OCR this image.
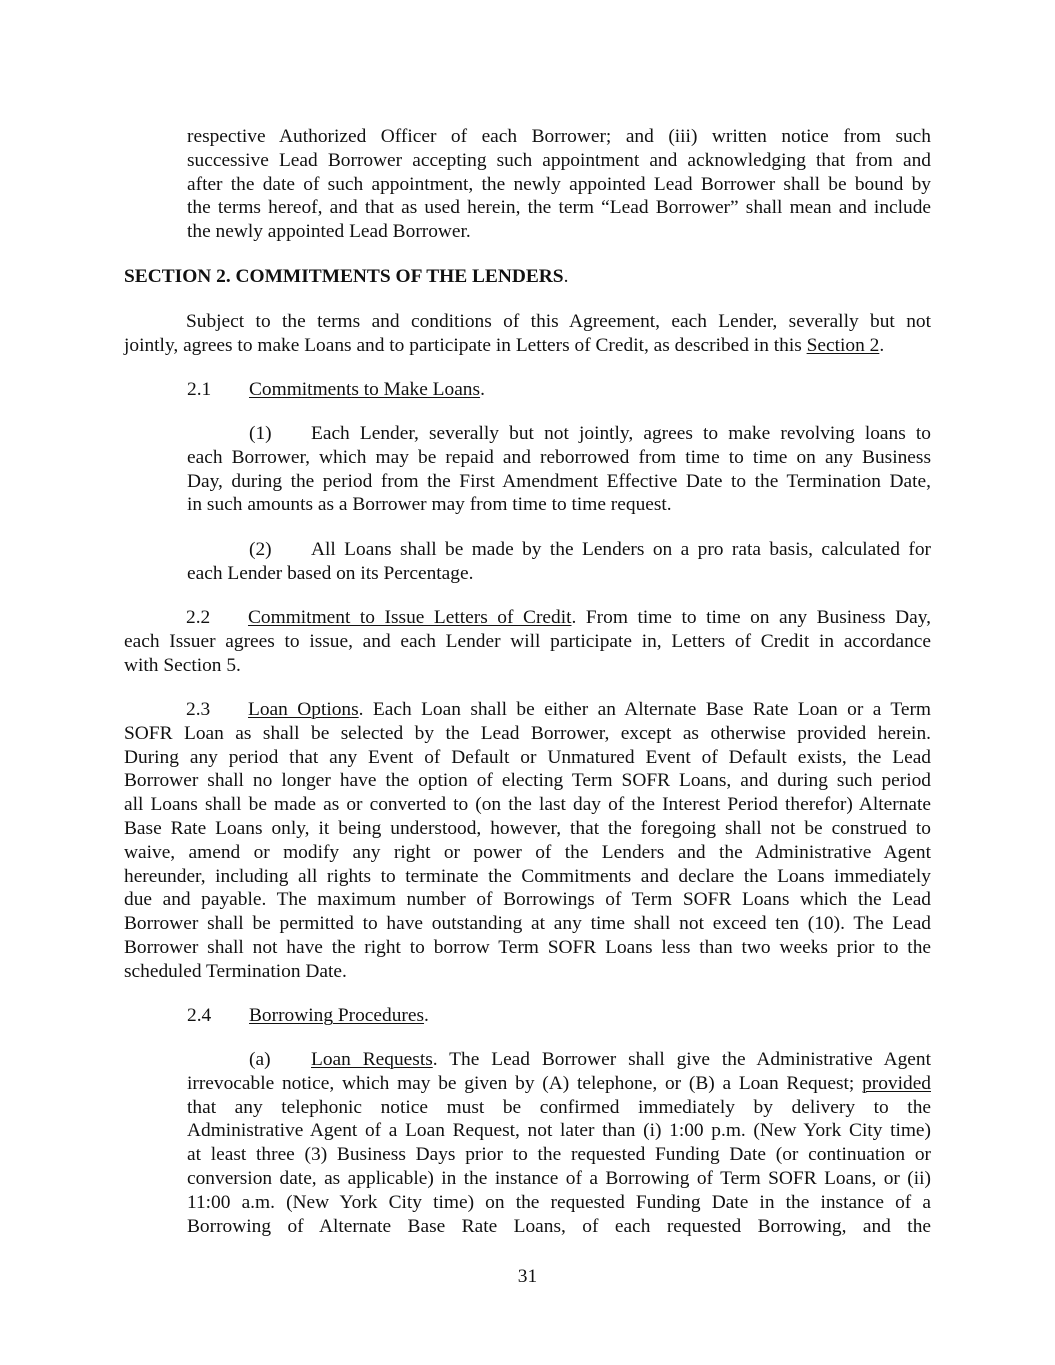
respective Authorized Officer of each Borrower; and (iii) written notice from such
successive Lead Borrower accepting such appointment and acknowledging that from and
after the date of such appointment, the newly appointed Lead Borrower shall be bound by
the terms hereof, and that as used herein, the term “Lead Borrower” shall mean and include
the newly appointed Lead Borrower.
SECTION 2. COMMITMENTS OF THE LENDERS.
Subject to the terms and conditions of this Agreement, each Lender, severally but not
jointly, agrees to make Loans and to participate in Letters of Credit, as described in this Section 2.
2.1 Commitments to Make Loans.
(1) Each Lender, severally but not jointly, agrees to make revolving loans to
each Borrower, which may be repaid and reborrowed from time to time on any Business
Day, during the period from the First Amendment Effective Date to the Termination Date,
in such amounts as a Borrower may from time to time request.
(2) All Loans shall be made by the Lenders on a pro rata basis, calculated for
each Lender based on its Percentage.
2.2 Commitment to Issue Letters of Credit. From time to time on any Business Day,
each Issuer agrees to issue, and each Lender will participate in, Letters of Credit in accordance
with Section 5.
2.3 Loan Options. Each Loan shall be either an Alternate Base Rate Loan or a Term
SOFR Loan as shall be selected by the Lead Borrower, except as otherwise provided herein.
During any period that any Event of Default or Unmatured Event of Default exists, the Lead
Borrower shall no longer have the option of electing Term SOFR Loans, and during such period
all Loans shall be made as or converted to (on the last day of the Interest Period therefor) Alternate
Base Rate Loans only, it being understood, however, that the foregoing shall not be construed to
waive, amend or modify any right or power of the Lenders and the Administrative Agent
hereunder, including all rights to terminate the Commitments and declare the Loans immediately
due and payable. The maximum number of Borrowings of Term SOFR Loans which the Lead
Borrower shall be permitted to have outstanding at any time shall not exceed ten (10). The Lead
Borrower shall not have the right to borrow Term SOFR Loans less than two weeks prior to the
scheduled Termination Date.
2.4 Borrowing Procedures.
(a) Loan Requests. The Lead Borrower shall give the Administrative Agent
irrevocable notice, which may be given by (A) telephone, or (B) a Loan Request; provided
that any telephonic notice must be confirmed immediately by delivery to the
Administrative Agent of a Loan Request, not later than (i) 1:00 p.m. (New York City time)
at least three (3) Business Days prior to the requested Funding Date (or continuation or
conversion date, as applicable) in the instance of a Borrowing of Term SOFR Loans, or (ii)
11:00 a.m. (New York City time) on the requested Funding Date in the instance of a
Borrowing of Alternate Base Rate Loans, of each requested Borrowing, and the
31
